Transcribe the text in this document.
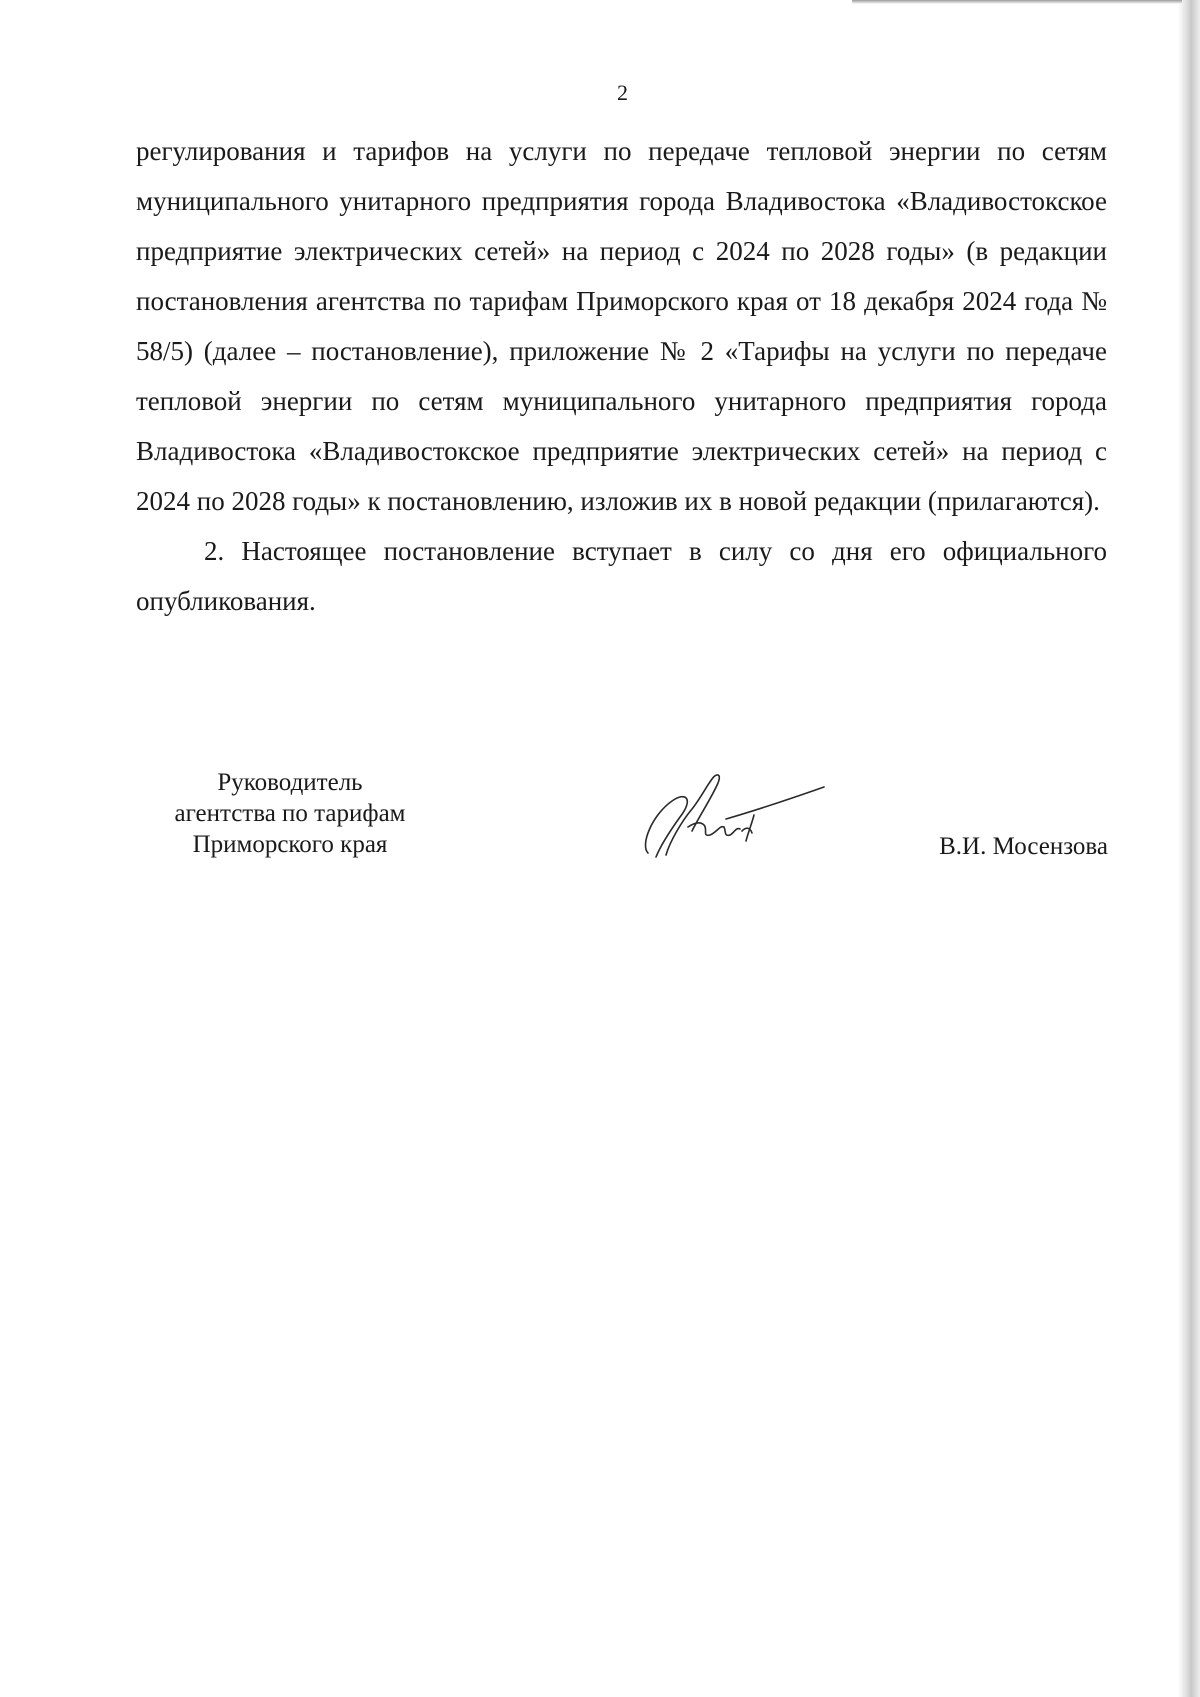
2

регулирования и тарифов на услуги по передаче тепловой энергии по сетям муниципального унитарного предприятия города Владивостока «Владивостокское предприятие электрических сетей» на период с 2024 по 2028 годы» (в редакции постановления агентства по тарифам Приморского края от 18 декабря 2024 года № 58/5) (далее – постановление), приложение № 2 «Тарифы на услуги по передаче тепловой энергии по сетям муниципального унитарного предприятия города Владивостока «Владивостокское предприятие электрических сетей» на период с 2024 по 2028 годы» к постановлению, изложив их в новой редакции (прилагаются).

2. Настоящее постановление вступает в силу со дня его официального опубликования.

Руководитель
агентства по тарифам
Приморского края	В.И. Мосензова
